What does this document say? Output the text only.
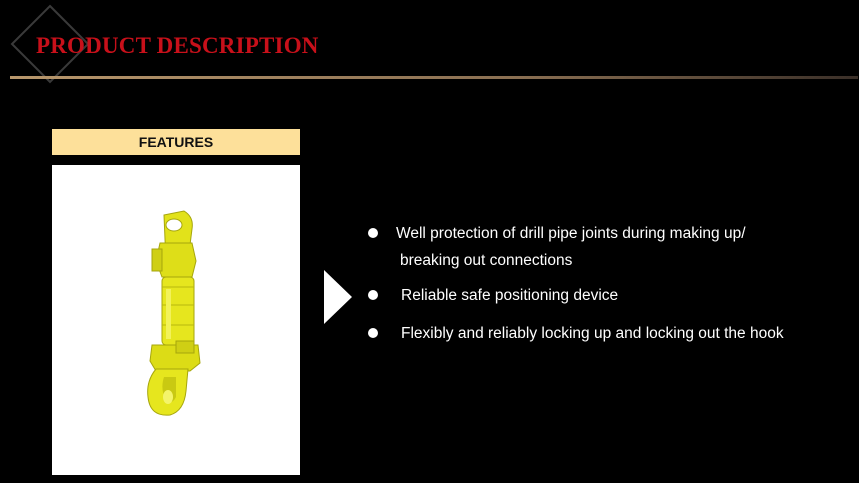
PRODUCT DESCRIPTION
FEATURES
Well protection of drill pipe joints during making up/
breaking out connections
Reliable safe positioning device
Flexibly and reliably locking up and locking out the hook
